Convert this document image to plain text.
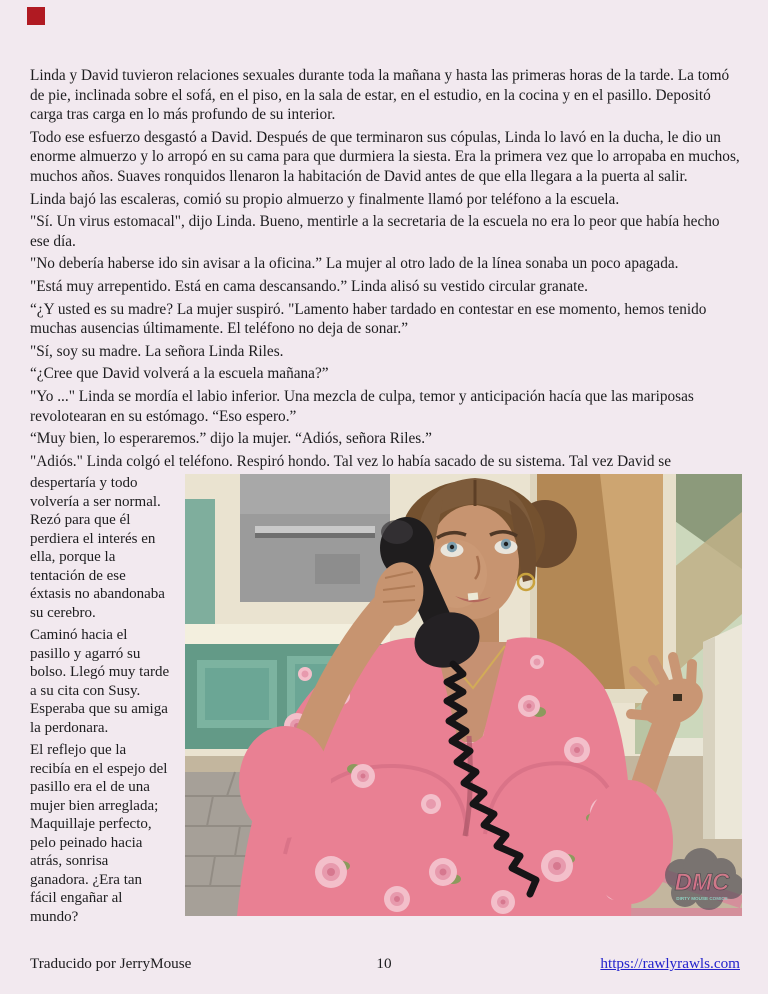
Linda y David tuvieron relaciones sexuales durante toda la mañana y hasta las primeras horas de la tarde. La tomó de pie, inclinada sobre el sofá, en el piso, en la sala de estar, en el estudio, en la cocina y en el pasillo. Depositó carga tras carga en lo más profundo de su interior.

Todo ese esfuerzo desgastó a David. Después de que terminaron sus cópulas, Linda lo lavó en la ducha, le dio un enorme almuerzo y lo arropó en su cama para que durmiera la siesta. Era la primera vez que lo arropaba en muchos, muchos años. Suaves ronquidos llenaron la habitación de David antes de que ella llegara a la puerta al salir.

Linda bajó las escaleras, comió su propio almuerzo y finalmente llamó por teléfono a la escuela.

"Sí. Un virus estomacal", dijo Linda. Bueno, mentirle a la secretaria de la escuela no era lo peor que había hecho ese día.

"No debería haberse ido sin avisar a la oficina.” La mujer al otro lado de la línea sonaba un poco apagada.

"Está muy arrepentido. Está en cama descansando.” Linda alisó su vestido circular granate.

“¿Y usted es su madre? La mujer suspiró. "Lamento haber tardado en contestar en ese momento, hemos tenido muchas ausencias últimamente. El teléfono no deja de sonar.”

"Sí, soy su madre. La señora Linda Riles.

“¿Cree que David volverá a la escuela mañana?”

"Yo ..." Linda se mordía el labio inferior. Una mezcla de culpa, temor y anticipación hacía que las mariposas revolotearan en su estómago. “Eso espero.”

“Muy bien, lo esperaremos.” dijo la mujer. “Adiós, señora Riles.”

"Adiós." Linda colgó el teléfono. Respiró hondo. Tal vez lo había sacado de su sistema. Tal vez David se

despertaría y todo volvería a ser normal. Rezó para que él perdiera el interés en ella, porque la tentación de ese éxtasis no abandonaba su cerebro.

Caminó hacia el pasillo y agarró su bolso. Llegó muy tarde a su cita con Susy. Esperaba que su amiga la perdonara.

El reflejo que la recibía en el espejo del pasillo era el de una mujer bien arreglada; Maquillaje perfecto, pelo peinado hacia atrás, sonrisa ganadora. ¿Era tan fácil engañar al mundo?

DMC
DIRTY MOUSE COMICS
Traducido por JerryMouse	10	https://rawlyrawls.com
